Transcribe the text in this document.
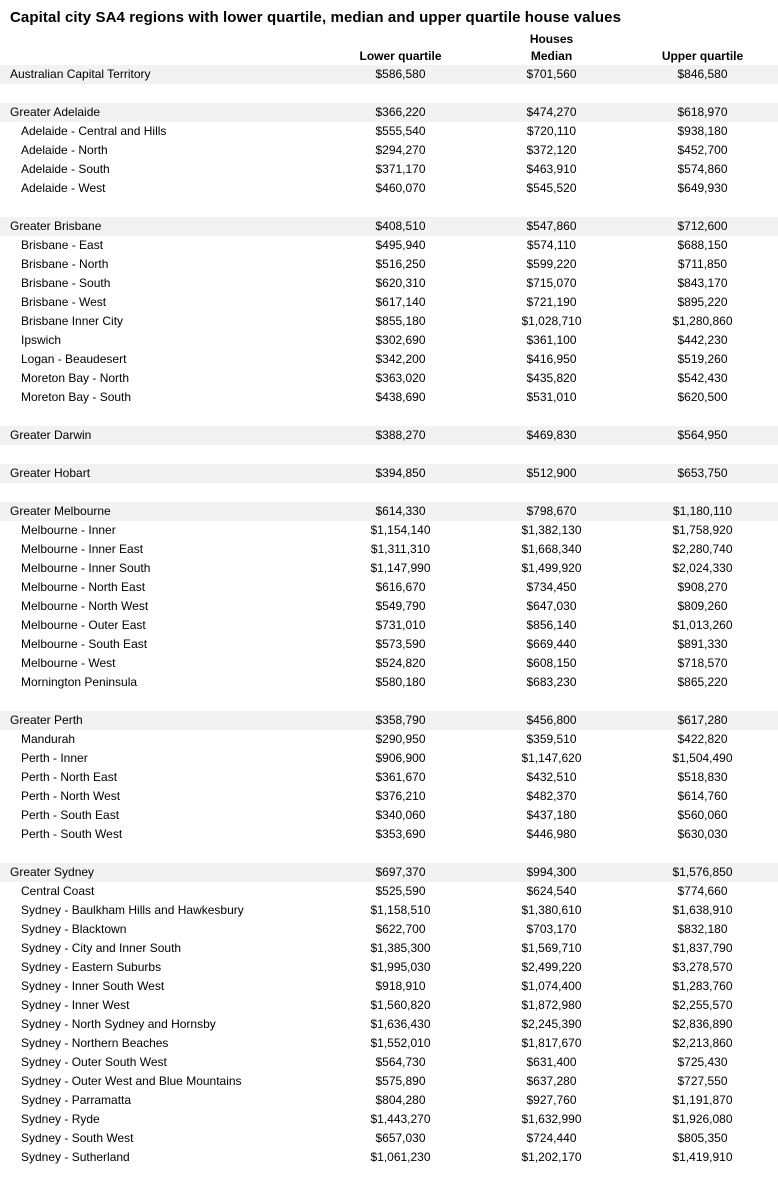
Capital city SA4 regions with lower quartile, median and upper quartile house values
Houses
Lower quartile	Median	Upper quartile
Australian Capital Territory	$586,580	$701,560	$846,580
Greater Adelaide	$366,220	$474,270	$618,970
Adelaide - Central and Hills	$555,540	$720,110	$938,180
Adelaide - North	$294,270	$372,120	$452,700
Adelaide - South	$371,170	$463,910	$574,860
Adelaide - West	$460,070	$545,520	$649,930
Greater Brisbane	$408,510	$547,860	$712,600
Brisbane - East	$495,940	$574,110	$688,150
Brisbane - North	$516,250	$599,220	$711,850
Brisbane - South	$620,310	$715,070	$843,170
Brisbane - West	$617,140	$721,190	$895,220
Brisbane Inner City	$855,180	$1,028,710	$1,280,860
Ipswich	$302,690	$361,100	$442,230
Logan - Beaudesert	$342,200	$416,950	$519,260
Moreton Bay - North	$363,020	$435,820	$542,430
Moreton Bay - South	$438,690	$531,010	$620,500
Greater Darwin	$388,270	$469,830	$564,950
Greater Hobart	$394,850	$512,900	$653,750
Greater Melbourne	$614,330	$798,670	$1,180,110
Melbourne - Inner	$1,154,140	$1,382,130	$1,758,920
Melbourne - Inner East	$1,311,310	$1,668,340	$2,280,740
Melbourne - Inner South	$1,147,990	$1,499,920	$2,024,330
Melbourne - North East	$616,670	$734,450	$908,270
Melbourne - North West	$549,790	$647,030	$809,260
Melbourne - Outer East	$731,010	$856,140	$1,013,260
Melbourne - South East	$573,590	$669,440	$891,330
Melbourne - West	$524,820	$608,150	$718,570
Mornington Peninsula	$580,180	$683,230	$865,220
Greater Perth	$358,790	$456,800	$617,280
Mandurah	$290,950	$359,510	$422,820
Perth - Inner	$906,900	$1,147,620	$1,504,490
Perth - North East	$361,670	$432,510	$518,830
Perth - North West	$376,210	$482,370	$614,760
Perth - South East	$340,060	$437,180	$560,060
Perth - South West	$353,690	$446,980	$630,030
Greater Sydney	$697,370	$994,300	$1,576,850
Central Coast	$525,590	$624,540	$774,660
Sydney - Baulkham Hills and Hawkesbury	$1,158,510	$1,380,610	$1,638,910
Sydney - Blacktown	$622,700	$703,170	$832,180
Sydney - City and Inner South	$1,385,300	$1,569,710	$1,837,790
Sydney - Eastern Suburbs	$1,995,030	$2,499,220	$3,278,570
Sydney - Inner South West	$918,910	$1,074,400	$1,283,760
Sydney - Inner West	$1,560,820	$1,872,980	$2,255,570
Sydney - North Sydney and Hornsby	$1,636,430	$2,245,390	$2,836,890
Sydney - Northern Beaches	$1,552,010	$1,817,670	$2,213,860
Sydney - Outer South West	$564,730	$631,400	$725,430
Sydney - Outer West and Blue Mountains	$575,890	$637,280	$727,550
Sydney - Parramatta	$804,280	$927,760	$1,191,870
Sydney - Ryde	$1,443,270	$1,632,990	$1,926,080
Sydney - South West	$657,030	$724,440	$805,350
Sydney - Sutherland	$1,061,230	$1,202,170	$1,419,910
